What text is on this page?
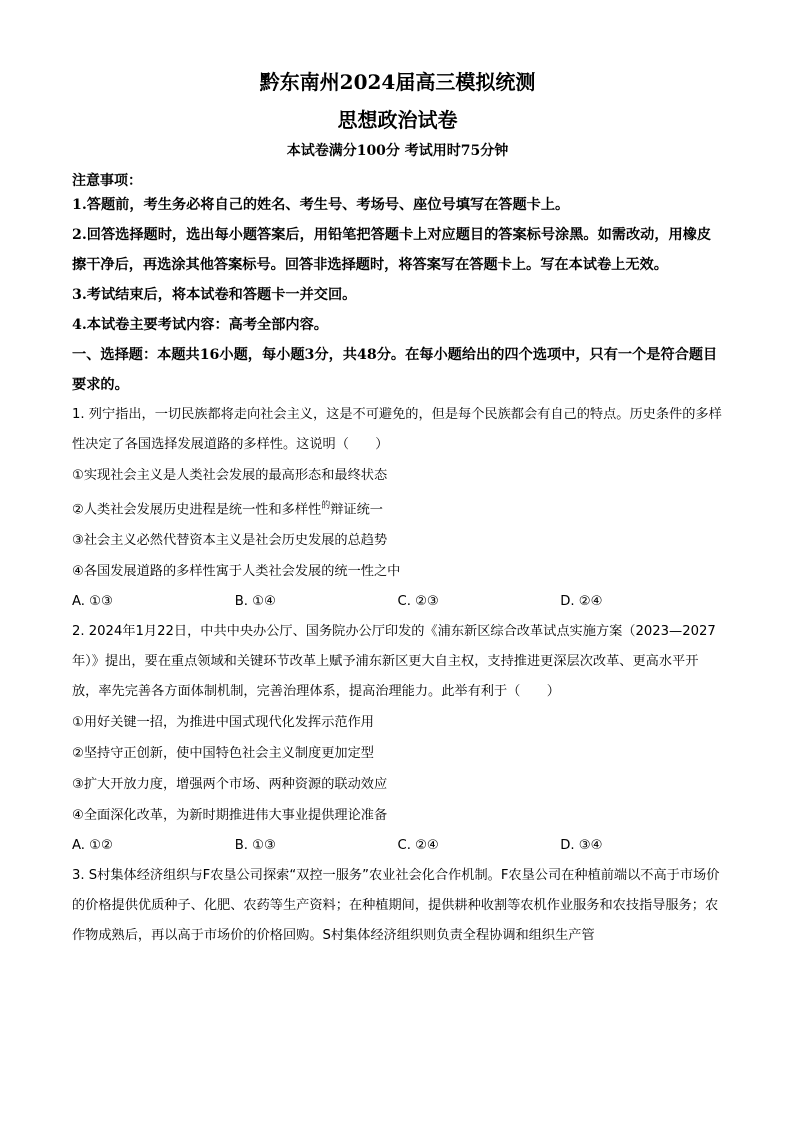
黔东南州2024届高三模拟统测
思想政治试卷
本试卷满分100分 考试用时75分钟
注意事项：
1.答题前，考生务必将自己的姓名、考生号、考场号、座位号填写在答题卡上。
2.回答选择题时，选出每小题答案后，用铅笔把答题卡上对应题目的答案标号涂黑。如需改动，用橡皮擦干净后，再选涂其他答案标号。回答非选择题时，将答案写在答题卡上。写在本试卷上无效。
3.考试结束后，将本试卷和答题卡一并交回。
4.本试卷主要考试内容：高考全部内容。
一、选择题：本题共16小题，每小题3分，共48分。在每小题给出的四个选项中，只有一个是符合题目要求的。
1. 列宁指出，一切民族都将走向社会主义，这是不可避免的，但是每个民族都会有自己的特点。历史条件的多样性决定了各国选择发展道路的多样性。这说明（　　）
①实现社会主义是人类社会发展的最高形态和最终状态
②人类社会发展历史进程是统一性和多样性$^的$辩证统一
③社会主义必然代替资本主义是社会历史发展的总趋势
④各国发展道路的多样性寓于人类社会发展的统一性之中
A. ①③	B. ①④	C. ②③	D. ②④
2. 2024年1月22日，中共中央办公厅、国务院办公厅印发的《浦东新区综合改革试点实施方案（2023—2027年）》提出，要在重点领域和关键环节改革上赋予浦东新区更大自主权，支持推进更深层次改革、更高水平开放，率先完善各方面体制机制，完善治理体系，提高治理能力。此举有利于（　　）
①用好关键一招，为推进中国式现代化发挥示范作用
②坚持守正创新，使中国特色社会主义制度更加定型
③扩大开放力度，增强两个市场、两种资源的联动效应
④全面深化改革，为新时期推进伟大事业提供理论准备
A. ①②	B. ①③	C. ②④	D. ③④
3. S村集体经济组织与F农垦公司探索“双控一服务”农业社会化合作机制。F农垦公司在种植前端以不高于市场价的价格提供优质种子、化肥、农药等生产资料；在种植期间，提供耕种收割等农机作业服务和农技指导服务；农作物成熟后，再以高于市场价的价格回购。S村集体经济组织则负责全程协调和组织生产管
